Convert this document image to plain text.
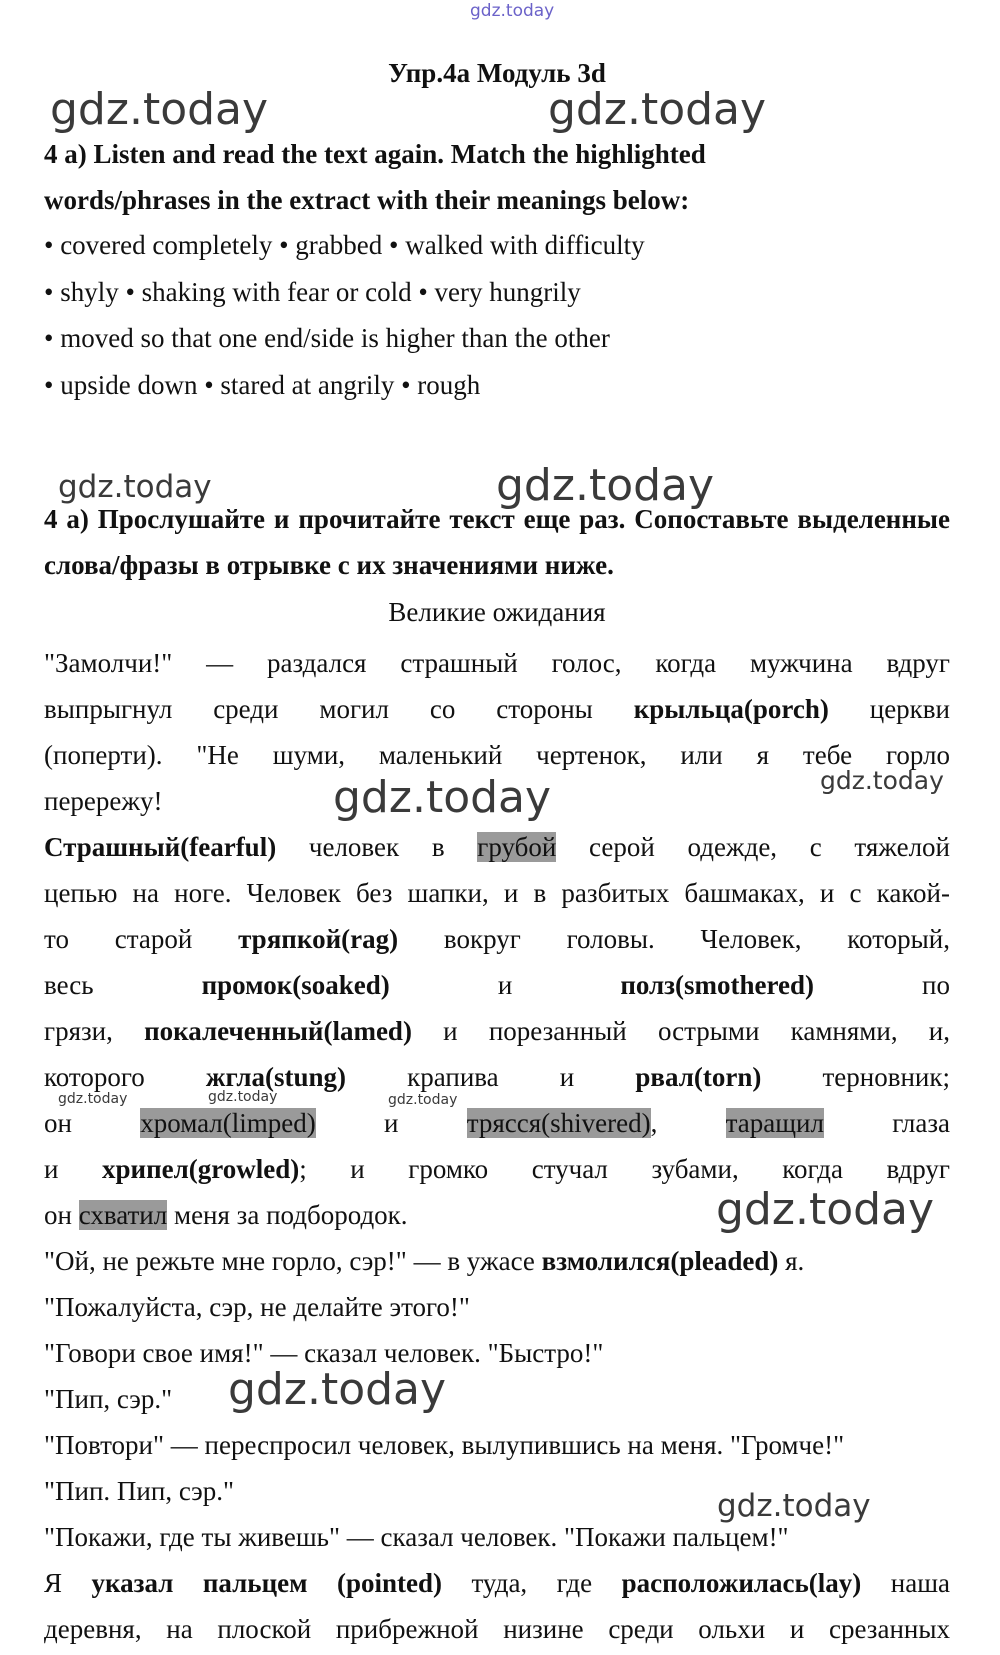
gdz.today
gdz.today	gdz.today
gdz.today	gdz.today
gdz.today	gdz.today
gdz.today	gdz.today	gdz.today
gdz.today
gdz.today
gdz.today
Упр.4а Модуль 3d
4 a) Listen and read the text again. Match the highlighted
words/phrases in the extract with their meanings below:
• covered completely • grabbed • walked with difficulty
• shyly • shaking with fear or cold • very hungrily
• moved so that one end/side is higher than the other
• upside down • stared at angrily • rough
4 а) Прослушайте и прочитайте текст еще раз. Сопоставьте выделенные слова/фразы в отрывке с их значениями ниже.
Великие ожидания

"Замолчи!" — раздался страшный голос, когда мужчина вдруг

выпрыгнул среди могил со стороны крыльца(porch) церкви

(поперти). "Не шуми, маленький чертенок, или я тебе горло

перережу!

Страшный(fearful) человек в грубой серой одежде, с тяжелой

цепью на ноге. Человек без шапки, и в разбитых башмаках, и с какой-

то старой тряпкой(rag) вокруг головы. Человек, который,

весь промок(soaked) и полз(smothered) по

грязи, покалеченный(lamed) и порезанный острыми камнями, и,

которого жгла(stung) крапива и рвал(torn) терновник;

он хромал(limped) и трясся(shivered), таращил глаза

и хрипел(growled); и громко стучал зубами, когда вдруг

он схватил меня за подбородок.

"Ой, не режьте мне горло, сэр!" — в ужасе взмолился(pleaded) я.

"Пожалуйста, сэр, не делайте этого!"

"Говори свое имя!" — сказал человек. "Быстро!"

"Пип, сэр."

"Повтори" — переспросил человек, вылупившись на меня. "Громче!"

"Пип. Пип, сэр."

"Покажи, где ты живешь" — сказал человек. "Покажи пальцем!"

Я указал пальцем (pointed) туда, где расположилась(lay) наша

деревня, на плоской прибрежной низине среди ольхи и срезанных
